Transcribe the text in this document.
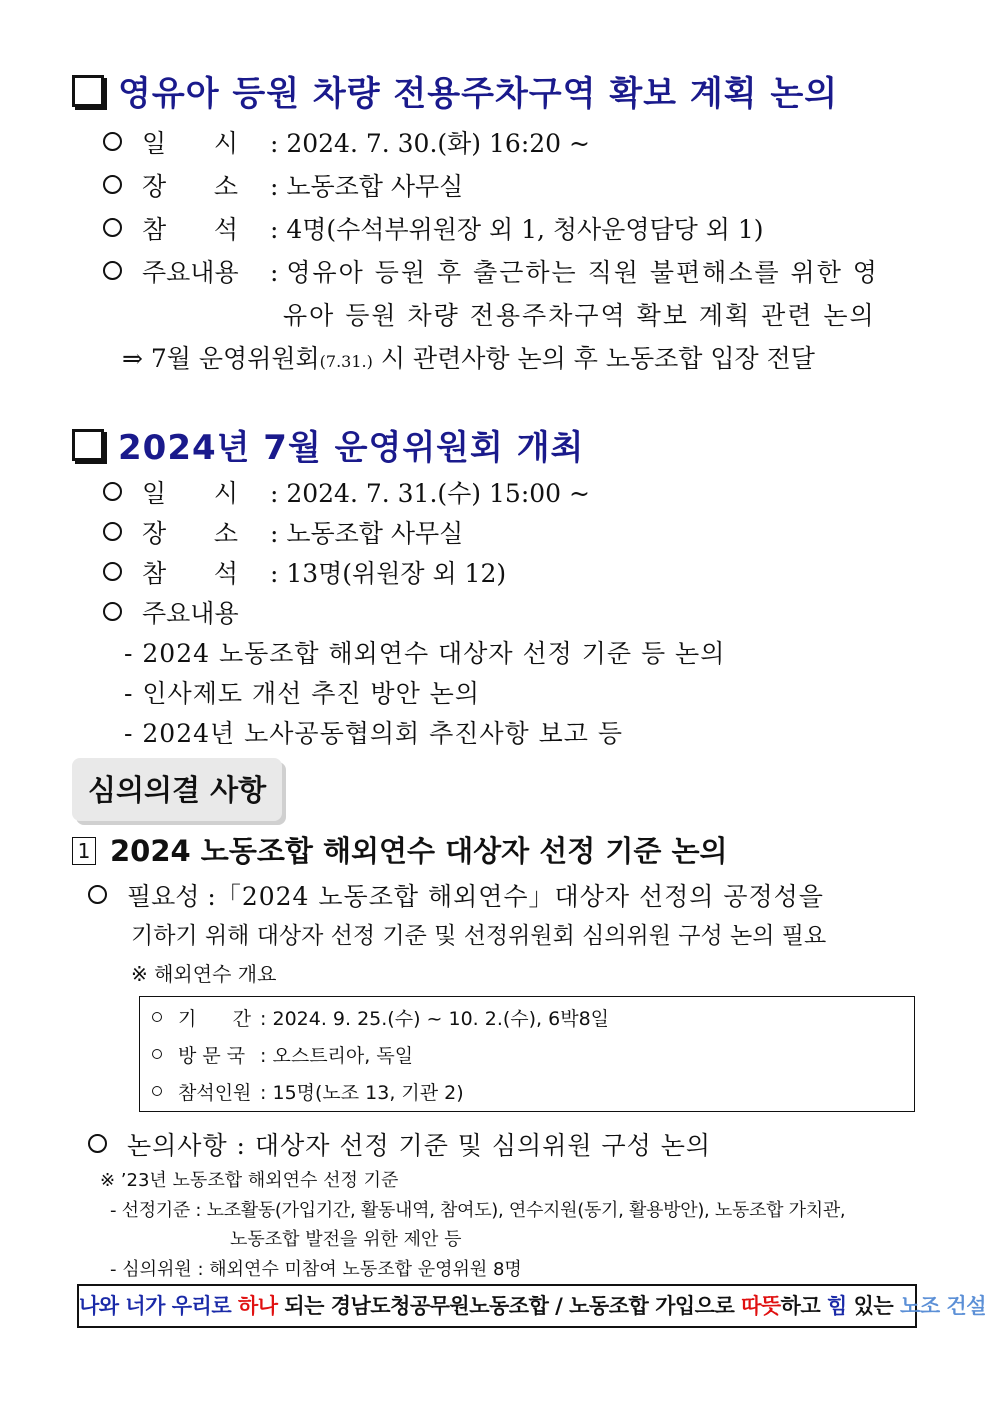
영유아 등원 차량 전용주차구역 확보 계획 논의
일      시 : 2024. 7. 30.(화) 16:20 ~
장      소 : 노동조합 사무실
참      석 : 4명(수석부위원장 외 1, 청사운영담당 외 1)
주요내용 : 영유아 등원 후 출근하는 직원 불편해소를 위한 영
유아 등원 차량 전용주차구역 확보 계획 관련 논의
⇒ 7월 운영위원회(7.31.) 시 관련사항 논의 후 노동조합 입장 전달
2024년 7월 운영위원회 개최
일      시 : 2024. 7. 31.(수) 15:00 ~
장      소 : 노동조합 사무실
참      석 : 13명(위원장 외 12)
주요내용
- 2024 노동조합 해외연수 대상자 선정 기준 등 논의
- 인사제도 개선 추진 방안 논의
- 2024년 노사공동협의회 추진사항 보고 등
심의의결 사항
1 2024 노동조합 해외연수 대상자 선정 기준 논의
필요성 :「2024 노동조합 해외연수」대상자 선정의 공정성을
기하기 위해 대상자 선정 기준 및 선정위원회 심의위원 구성 논의 필요
※ 해외연수 개요
기      간 : 2024. 9. 25.(수) ~ 10. 2.(수), 6박8일
방 문 국 : 오스트리아, 독일
참석인원 : 15명(노조 13, 기관 2)
논의사항 : 대상자 선정 기준 및 심의위원 구성 논의
※ ’23년 노동조합 해외연수 선정 기준
- 선정기준 : 노조활동(가입기간, 활동내역, 참여도), 연수지원(동기, 활용방안), 노동조합 가치관,
노동조합 발전을 위한 제안 등
- 심의위원 : 해외연수 미참여 노동조합 운영위원 8명
나와 너가 우리로 하나 되는 경남도청공무원노동조합 / 노동조합 가입으로 따뜻하고 힘 있는 노조 건설
